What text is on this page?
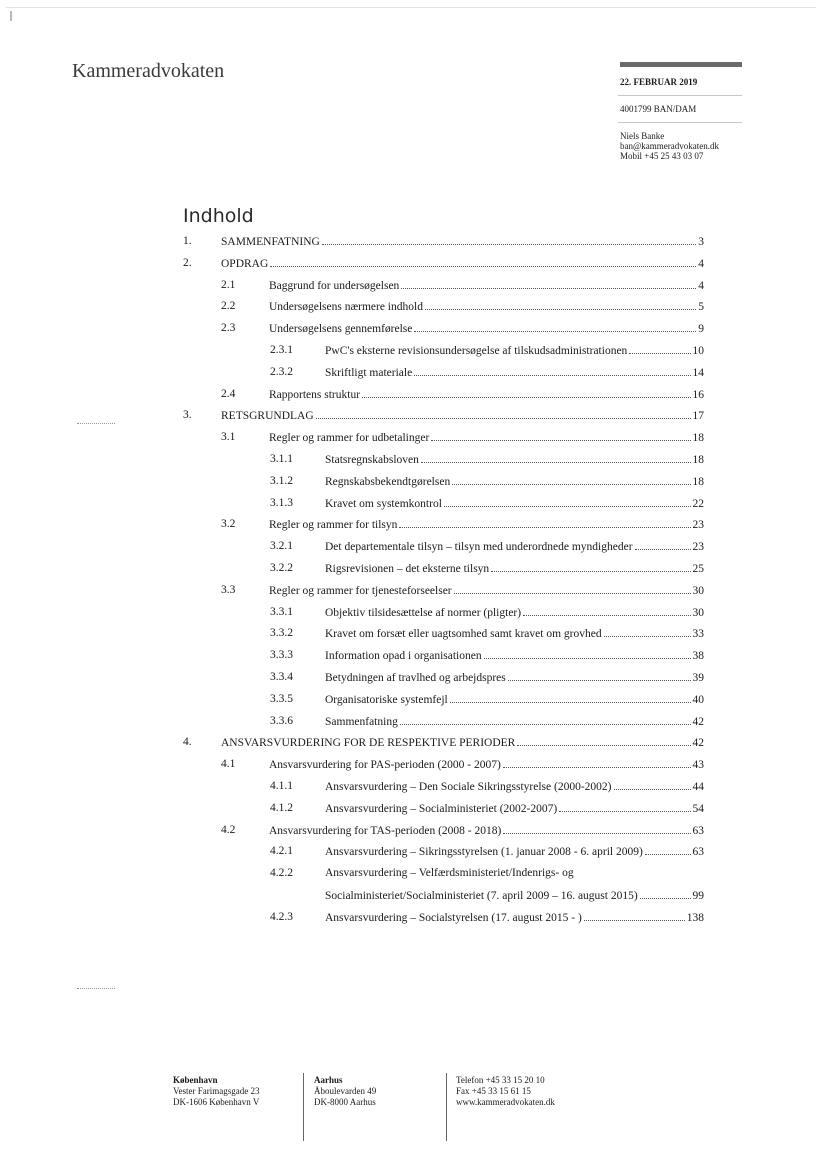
Kammeradvokaten	22. FEBRUAR 2019
4001799 BAN/DAM
Niels Banke
ban@kammeradvokaten.dk
Mobil +45 25 43 03 07
Indhold
1.	SAMMENFATNING	3
2.	OPDRAG	4
2.1	Baggrund for undersøgelsen	4
2.2	Undersøgelsens nærmere indhold	5
2.3	Undersøgelsens gennemførelse	9
2.3.1	PwC's eksterne revisionsundersøgelse af tilskudsadministrationen	10
2.3.2	Skriftligt materiale	14
2.4	Rapportens struktur	16
3.	RETSGRUNDLAG	17
3.1	Regler og rammer for udbetalinger	18
3.1.1	Statsregnskabsloven	18
3.1.2	Regnskabsbekendtgørelsen	18
3.1.3	Kravet om systemkontrol	22
3.2	Regler og rammer for tilsyn	23
3.2.1	Det departementale tilsyn – tilsyn med underordnede myndigheder	23
3.2.2	Rigsrevisionen – det eksterne tilsyn	25
3.3	Regler og rammer for tjenesteforseelser	30
3.3.1	Objektiv tilsidesættelse af normer (pligter)	30
3.3.2	Kravet om forsæt eller uagtsomhed samt kravet om grovhed	33
3.3.3	Information opad i organisationen	38
3.3.4	Betydningen af travlhed og arbejdspres	39
3.3.5	Organisatoriske systemfejl	40
3.3.6	Sammenfatning	42
4.	ANSVARSVURDERING FOR DE RESPEKTIVE PERIODER	42
4.1	Ansvarsvurdering for PAS-perioden (2000 - 2007)	43
4.1.1	Ansvarsvurdering – Den Sociale Sikringsstyrelse (2000-2002)	44
4.1.2	Ansvarsvurdering – Socialministeriet (2002-2007)	54
4.2	Ansvarsvurdering for TAS-perioden (2008 - 2018)	63
4.2.1	Ansvarsvurdering – Sikringsstyrelsen (1. januar 2008 - 6. april 2009)	63
4.2.2	Ansvarsvurdering – Velfærdsministeriet/Indenrigs- og
Socialministeriet/Socialministeriet (7. april 2009 – 16. august 2015)	99
4.2.3	Ansvarsvurdering – Socialstyrelsen (17. august 2015 - )	138
København
Vester Farimagsgade 23
DK-1606 København V
Aarhus
Åboulevarden 49
DK-8000 Aarhus
Telefon +45 33 15 20 10
Fax +45 33 15 61 15
www.kammeradvokaten.dk
